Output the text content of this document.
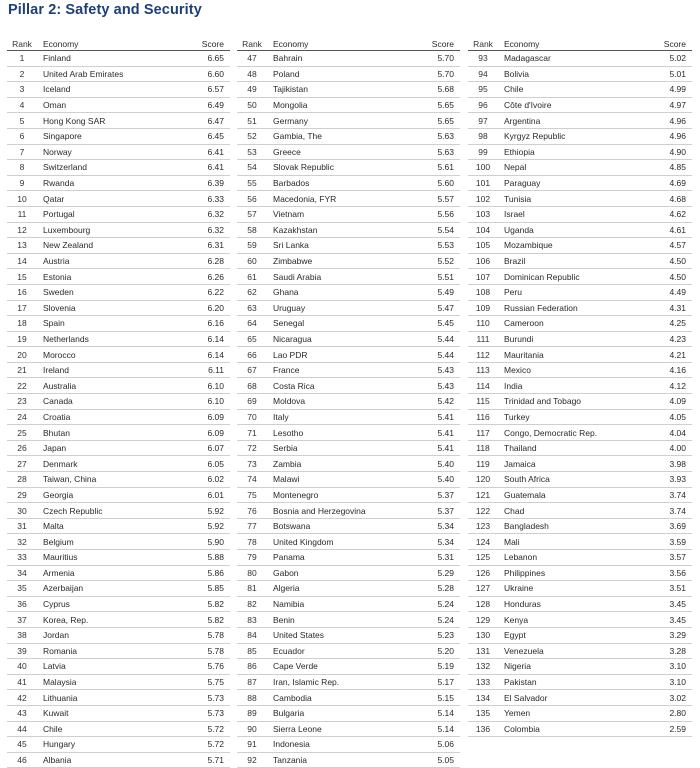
Pillar 2: Safety and Security
Rank	Economy	Score
1	Finland	6.65
2	United Arab Emirates	6.60
3	Iceland	6.57
4	Oman	6.49
5	Hong Kong SAR	6.47
6	Singapore	6.45
7	Norway	6.41
8	Switzerland	6.41
9	Rwanda	6.39
10	Qatar	6.33
11	Portugal	6.32
12	Luxembourg	6.32
13	New Zealand	6.31
14	Austria	6.28
15	Estonia	6.26
16	Sweden	6.22
17	Slovenia	6.20
18	Spain	6.16
19	Netherlands	6.14
20	Morocco	6.14
21	Ireland	6.11
22	Australia	6.10
23	Canada	6.10
24	Croatia	6.09
25	Bhutan	6.09
26	Japan	6.07
27	Denmark	6.05
28	Taiwan, China	6.02
29	Georgia	6.01
30	Czech Republic	5.92
31	Malta	5.92
32	Belgium	5.90
33	Mauritius	5.88
34	Armenia	5.86
35	Azerbaijan	5.85
36	Cyprus	5.82
37	Korea, Rep.	5.82
38	Jordan	5.78
39	Romania	5.78
40	Latvia	5.76
41	Malaysia	5.75
42	Lithuania	5.73
43	Kuwait	5.73
44	Chile	5.72
45	Hungary	5.72
46	Albania	5.71
Rank	Economy	Score
47	Bahrain	5.70
48	Poland	5.70
49	Tajikistan	5.68
50	Mongolia	5.65
51	Germany	5.65
52	Gambia, The	5.63
53	Greece	5.63
54	Slovak Republic	5.61
55	Barbados	5.60
56	Macedonia, FYR	5.57
57	Vietnam	5.56
58	Kazakhstan	5.54
59	Sri Lanka	5.53
60	Zimbabwe	5.52
61	Saudi Arabia	5.51
62	Ghana	5.49
63	Uruguay	5.47
64	Senegal	5.45
65	Nicaragua	5.44
66	Lao PDR	5.44
67	France	5.43
68	Costa Rica	5.43
69	Moldova	5.42
70	Italy	5.41
71	Lesotho	5.41
72	Serbia	5.41
73	Zambia	5.40
74	Malawi	5.40
75	Montenegro	5.37
76	Bosnia and Herzegovina	5.37
77	Botswana	5.34
78	United Kingdom	5.34
79	Panama	5.31
80	Gabon	5.29
81	Algeria	5.28
82	Namibia	5.24
83	Benin	5.24
84	United States	5.23
85	Ecuador	5.20
86	Cape Verde	5.19
87	Iran, Islamic Rep.	5.17
88	Cambodia	5.15
89	Bulgaria	5.14
90	Sierra Leone	5.14
91	Indonesia	5.06
92	Tanzania	5.05
Rank	Economy	Score
93	Madagascar	5.02
94	Bolivia	5.01
95	Chile	4.99
96	Côte d'Ivoire	4.97
97	Argentina	4.96
98	Kyrgyz Republic	4.96
99	Ethiopia	4.90
100	Nepal	4.85
101	Paraguay	4.69
102	Tunisia	4.68
103	Israel	4.62
104	Uganda	4.61
105	Mozambique	4.57
106	Brazil	4.50
107	Dominican Republic	4.50
108	Peru	4.49
109	Russian Federation	4.31
110	Cameroon	4.25
111	Burundi	4.23
112	Mauritania	4.21
113	Mexico	4.16
114	India	4.12
115	Trinidad and Tobago	4.09
116	Turkey	4.05
117	Congo, Democratic Rep.	4.04
118	Thailand	4.00
119	Jamaica	3.98
120	South Africa	3.93
121	Guatemala	3.74
122	Chad	3.74
123	Bangladesh	3.69
124	Mali	3.59
125	Lebanon	3.57
126	Philippines	3.56
127	Ukraine	3.51
128	Honduras	3.45
129	Kenya	3.45
130	Egypt	3.29
131	Venezuela	3.28
132	Nigeria	3.10
133	Pakistan	3.10
134	El Salvador	3.02
135	Yemen	2.80
136	Colombia	2.59
